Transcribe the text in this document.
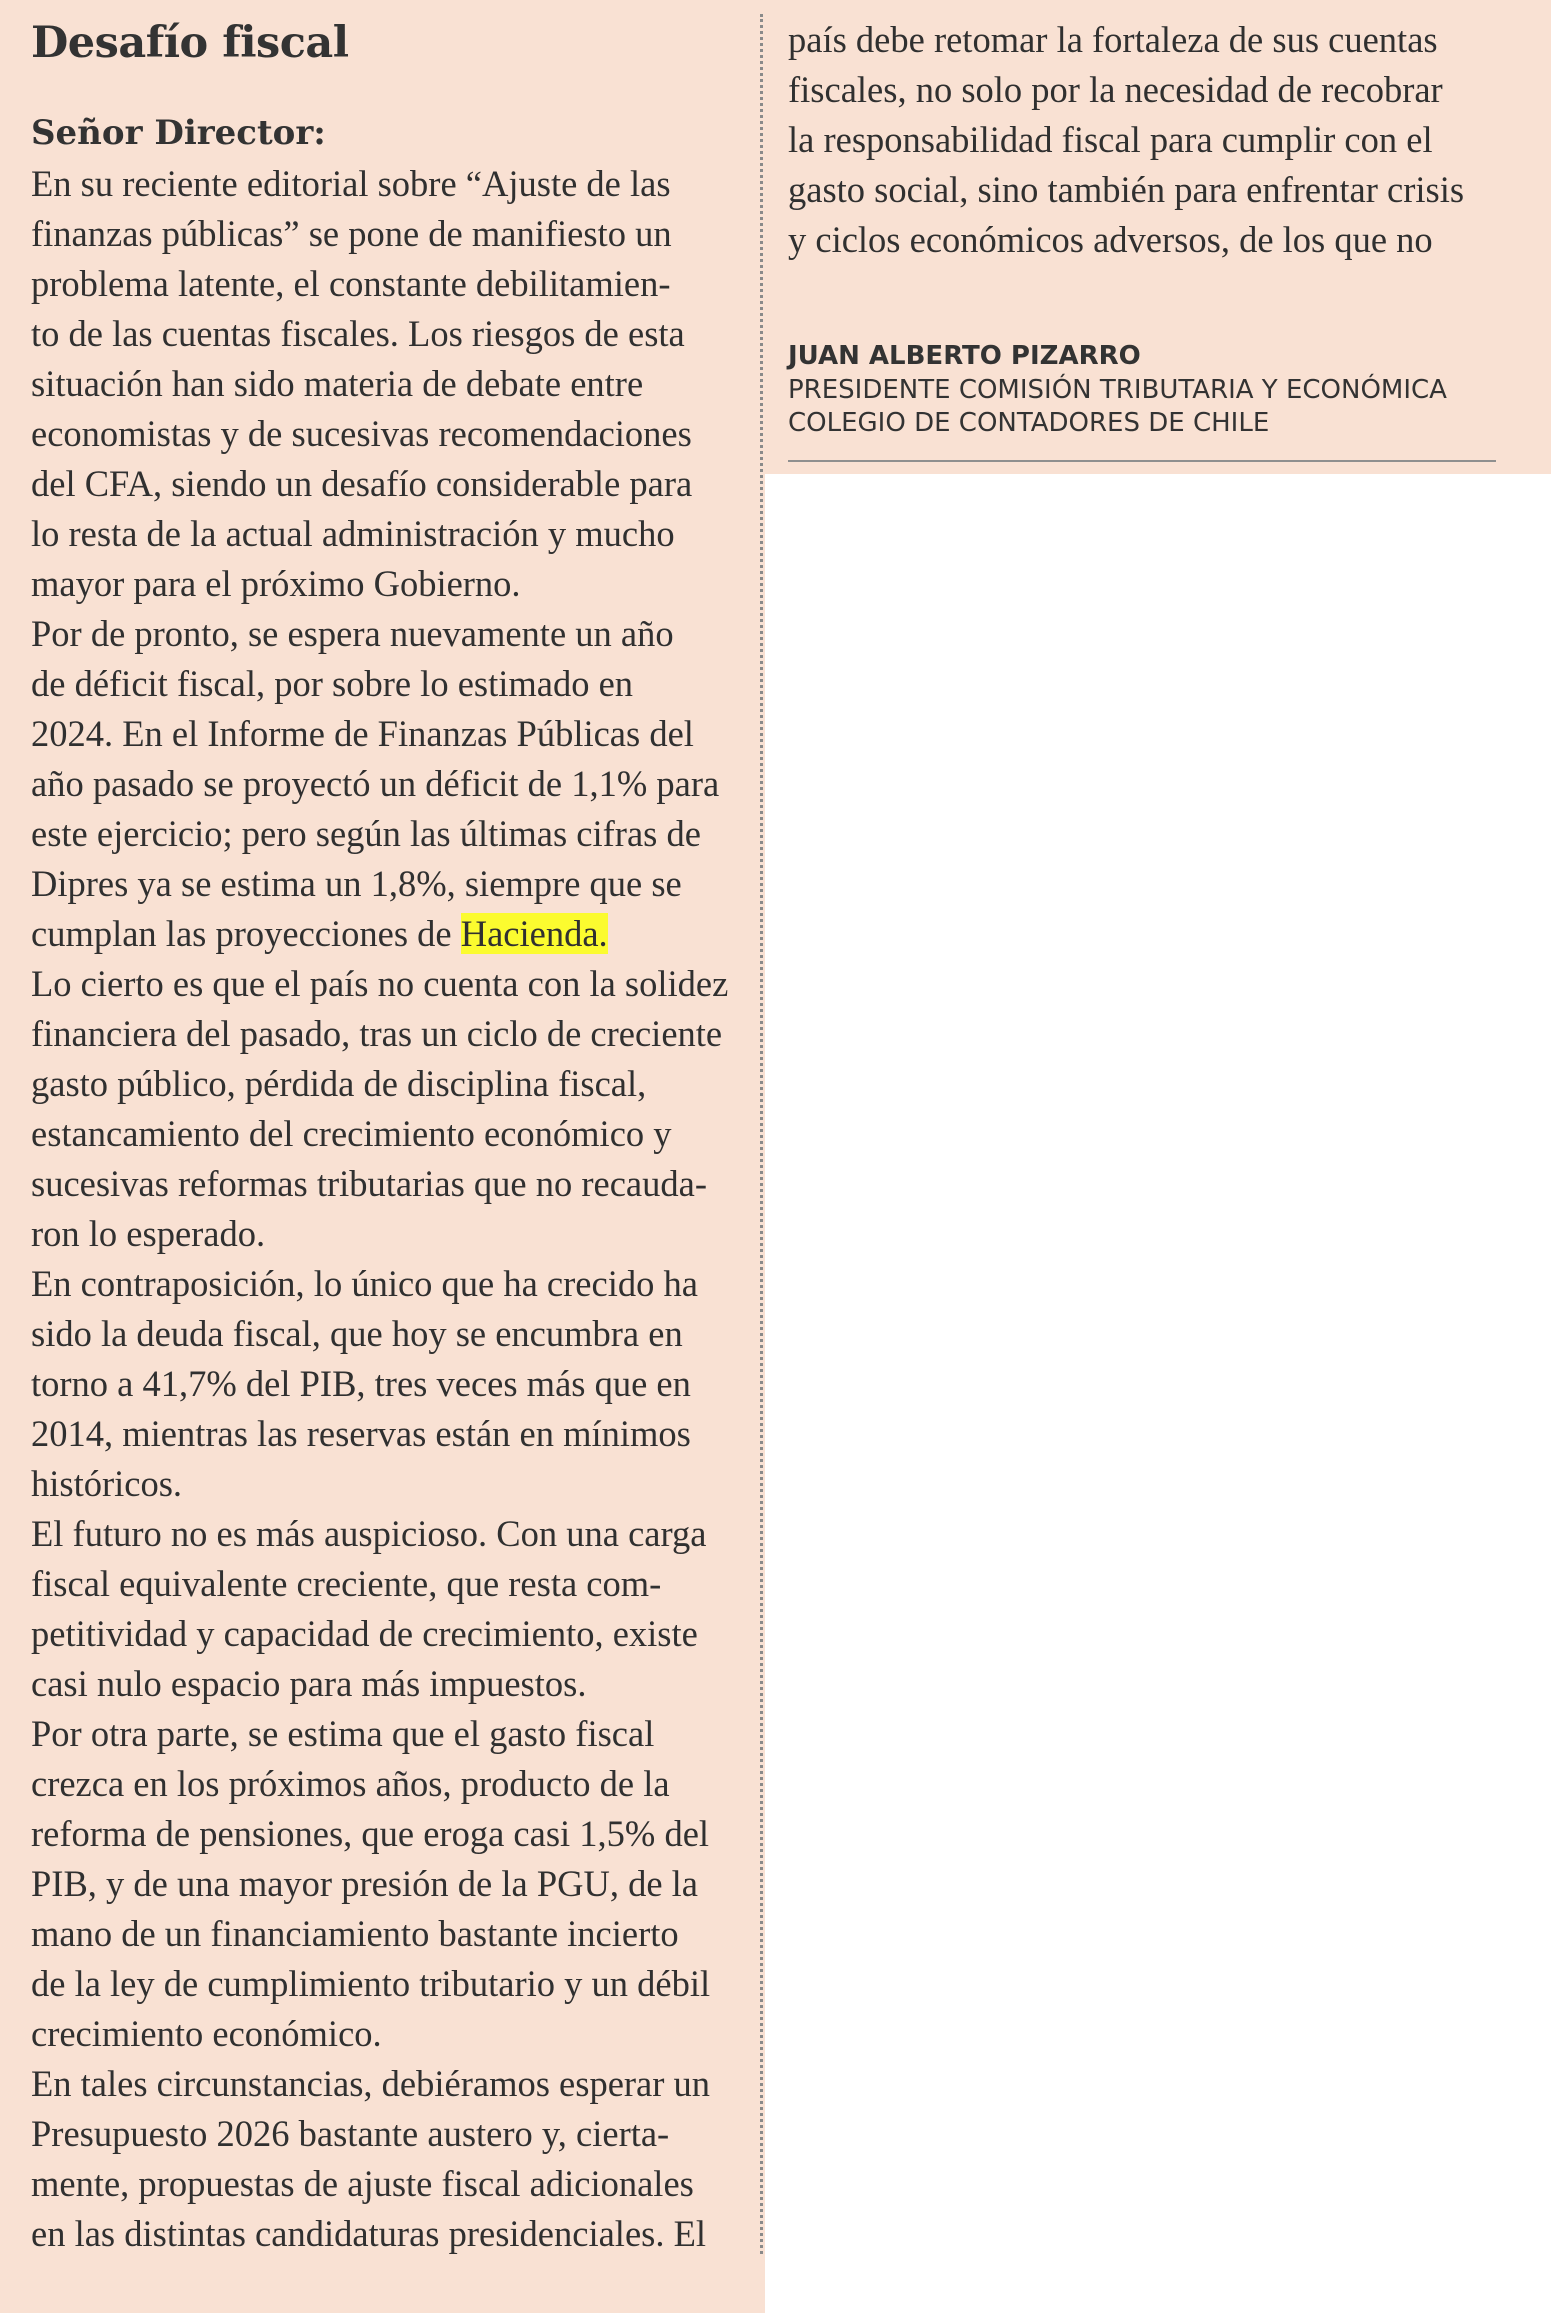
Desafío fiscal

Señor Director:

En su reciente editorial sobre “Ajuste de las
finanzas públicas” se pone de manifiesto un
problema latente, el constante debilitamien-
to de las cuentas fiscales. Los riesgos de esta
situación han sido materia de debate entre
economistas y de sucesivas recomendaciones
del CFA, siendo un desafío considerable para
lo resta de la actual administración y mucho
mayor para el próximo Gobierno.
Por de pronto, se espera nuevamente un año
de déficit fiscal, por sobre lo estimado en
2024. En el Informe de Finanzas Públicas del
año pasado se proyectó un déficit de 1,1% para
este ejercicio; pero según las últimas cifras de
Dipres ya se estima un 1,8%, siempre que se
cumplan las proyecciones de Hacienda.
Lo cierto es que el país no cuenta con la solidez
financiera del pasado, tras un ciclo de creciente
gasto público, pérdida de disciplina fiscal,
estancamiento del crecimiento económico y
sucesivas reformas tributarias que no recauda-
ron lo esperado.
En contraposición, lo único que ha crecido ha
sido la deuda fiscal, que hoy se encumbra en
torno a 41,7% del PIB, tres veces más que en
2014, mientras las reservas están en mínimos
históricos.
El futuro no es más auspicioso. Con una carga
fiscal equivalente creciente, que resta com-
petitividad y capacidad de crecimiento, existe
casi nulo espacio para más impuestos.
Por otra parte, se estima que el gasto fiscal
crezca en los próximos años, producto de la
reforma de pensiones, que eroga casi 1,5% del
PIB, y de una mayor presión de la PGU, de la
mano de un financiamiento bastante incierto
de la ley de cumplimiento tributario y un débil
crecimiento económico.
En tales circunstancias, debiéramos esperar un
Presupuesto 2026 bastante austero y, cierta-
mente, propuestas de ajuste fiscal adicionales
en las distintas candidaturas presidenciales. El
país debe retomar la fortaleza de sus cuentas
fiscales, no solo por la necesidad de recobrar
la responsabilidad fiscal para cumplir con el
gasto social, sino también para enfrentar crisis
y ciclos económicos adversos, de los que no
JUAN ALBERTO PIZARRO
PRESIDENTE COMISIÓN TRIBUTARIA Y ECONÓMICA
COLEGIO DE CONTADORES DE CHILE
